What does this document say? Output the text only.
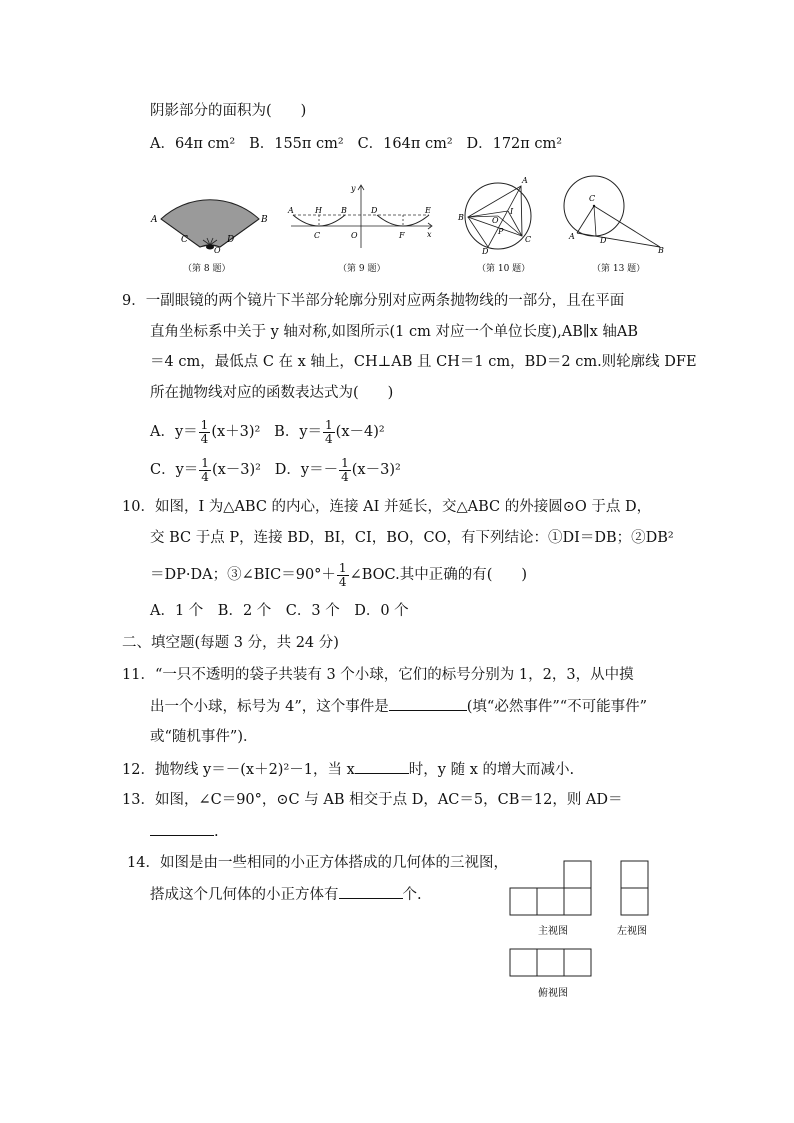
阴影部分的面积为(　　)
A．64π cm² B．155π cm² C．164π cm² D．172π cm²
A	B
C	D
O
y
A	H B	D	E
C	O	F	x
A
B
C
O
I
P
D
C
A	D
B
（第 8 题）	（第 9 题）	（第 10 题）	（第 13 题）
9．一副眼镜的两个镜片下半部分轮廓分别对应两条抛物线的一部分，且在平面
直角坐标系中关于 y 轴对称,如图所示(1 cm 对应一个单位长度),AB∥x 轴AB
＝4 cm，最低点 C 在 x 轴上，CH⊥AB 且 CH＝1 cm，BD＝2 cm.则轮廓线 DFE
所在抛物线对应的函数表达式为(　　)
A．$y= \frac{1}{4} (x+3)^2$ B．$y= \frac{1}{4} (x-4)^2$
C．$y= \frac{1}{4} (x-3)^2$ D．$y=- \frac{1}{4} (x-3)^2$
10．如图，I 为△ABC 的内心，连接 AI 并延长，交△ABC 的外接圆⊙O 于点 D，
交 BC 于点 P，连接 BD，BI，CI，BO，CO，有下列结论：①DI＝DB；②DB²
＝DP·DA；③∠BIC＝90°＋ $\frac{1}{4}$ ∠BOC.其中正确的有(　　)
A．1 个　B．2 个　C．3 个　D．0 个
二、填空题(每题 3 分，共 24 分)
11．“一只不透明的袋子共装有 3 个小球，它们的标号分别为 1，2，3，从中摸
出一个小球，标号为 4”，这个事件是	(填“必然事件”“不可能事件”
或“随机事件”)．
12．抛物线 y＝－(x＋2)²－1，当 x	时，y 随 x 的增大而减小.
13．如图，∠C＝90°，⊙C 与 AB 相交于点 D，AC＝5，CB＝12，则 AD＝
.
14．如图是由一些相同的小正方体搭成的几何体的三视图，
搭成这个几何体的小正方体有	个.
主视图	左视图
俯视图
